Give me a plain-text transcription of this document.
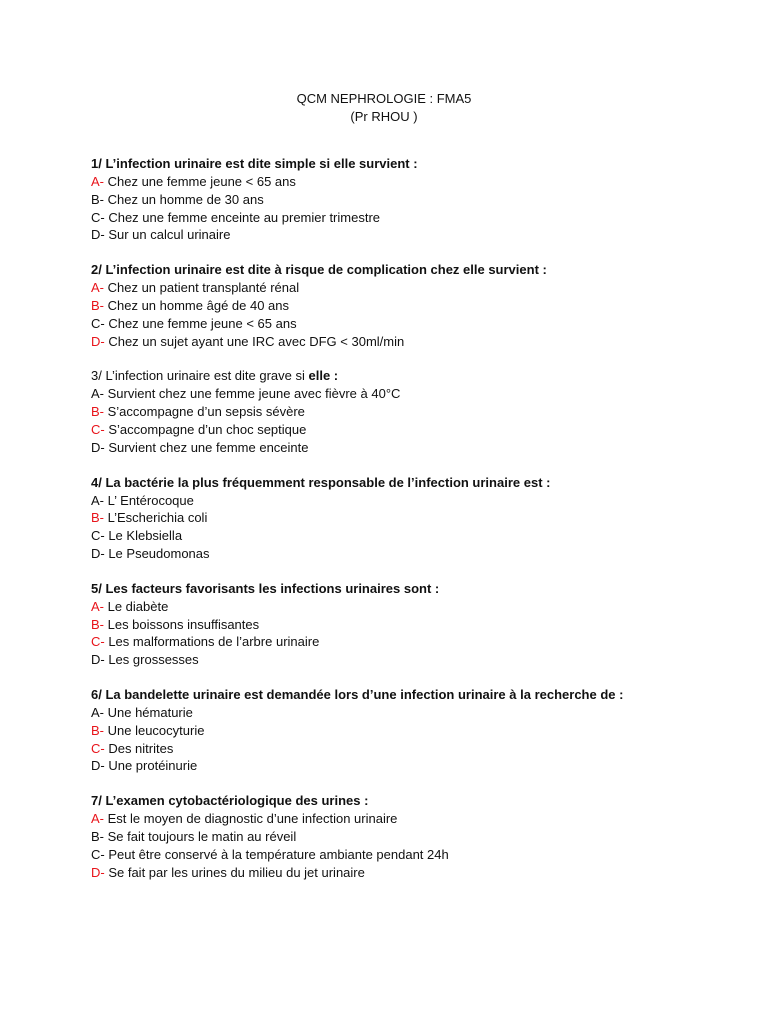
QCM NEPHROLOGIE : FMA5
(Pr RHOU )
1/ L’infection urinaire est dite simple si elle survient :
A- Chez une femme jeune < 65 ans
B- Chez un homme de 30 ans
C- Chez une femme enceinte au premier trimestre
D- Sur un calcul urinaire
2/ L’infection urinaire est dite à risque de complication chez elle survient :
A- Chez un patient transplanté rénal
B- Chez un homme âgé de 40 ans
C- Chez une femme jeune < 65 ans
D- Chez un sujet ayant une IRC avec DFG < 30ml/min
3/ L’infection urinaire est dite grave si elle :
A- Survient chez une femme jeune avec fièvre à 40°C
B- S’accompagne d’un sepsis sévère
C- S’accompagne d’un choc septique
D- Survient chez une femme enceinte
4/ La bactérie la plus fréquemment responsable de l’infection urinaire est :
A- L’ Entérocoque
B- L’Escherichia coli
C- Le Klebsiella
D- Le Pseudomonas
5/ Les facteurs favorisants les infections urinaires sont :
A- Le diabète
B- Les boissons insuffisantes
C- Les malformations de l’arbre urinaire
D- Les grossesses
6/ La bandelette urinaire est demandée lors d’une infection urinaire à la recherche de :
A- Une hématurie
B- Une leucocyturie
C- Des nitrites
D- Une protéinurie
7/ L’examen cytobactériologique des urines :
A- Est le moyen de diagnostic d’une infection urinaire
B- Se fait toujours le matin au réveil
C- Peut être conservé à la température ambiante pendant 24h
D- Se fait par les urines du milieu du jet urinaire
